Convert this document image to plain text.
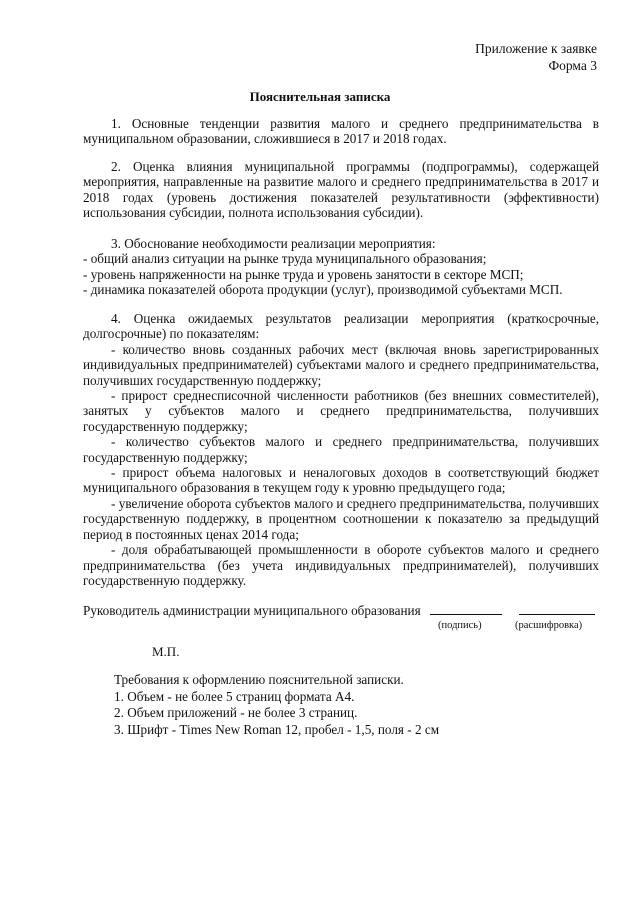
Приложение к заявке
Форма 3
Пояснительная записка

1. Основные тенденции развития малого и среднего предпринимательства в муниципальном образовании, сложившиеся в 2017 и 2018 годах.

2. Оценка влияния муниципальной программы (подпрограммы), содержащей мероприятия, направленные на развитие малого и среднего предпринимательства в 2017 и 2018 годах (уровень достижения показателей результативности (эффективности) использования субсидии, полнота использования субсидии).

3. Обоснование необходимости реализации мероприятия:

- общий анализ ситуации на рынке труда муниципального образования;

- уровень напряженности на рынке труда и уровень занятости в секторе МСП;

- динамика показателей оборота продукции (услуг), производимой субъектами МСП.

4. Оценка ожидаемых результатов реализации мероприятия (краткосрочные, долгосрочные) по показателям:

- количество вновь созданных рабочих мест (включая вновь зарегистрированных индивидуальных предпринимателей) субъектами малого и среднего предпринимательства, получивших государственную поддержку;

- прирост среднесписочной численности работников (без внешних совместителей), занятых у субъектов малого и среднего предпринимательства, получивших государственную поддержку;

- количество субъектов малого и среднего предпринимательства, получивших государственную поддержку;

- прирост объема налоговых и неналоговых доходов в соответствующий бюджет муниципального образования в текущем году к уровню предыдущего года;

- увеличение оборота субъектов малого и среднего предпринимательства, получивших государственную поддержку, в процентном соотношении к показателю за предыдущий период в постоянных ценах 2014 года;

- доля обрабатывающей промышленности в обороте субъектов малого и среднего предпринимательства (без учета индивидуальных предпринимателей), получивших государственную поддержку.

Руководитель администрации муниципального образования
(подпись)	(расшифровка)
М.П.
Требования к оформлению пояснительной записки.
1. Объем - не более 5 страниц формата А4.
2. Объем приложений - не более 3 страниц.
3. Шрифт - Times New Roman 12, пробел - 1,5, поля - 2 см
